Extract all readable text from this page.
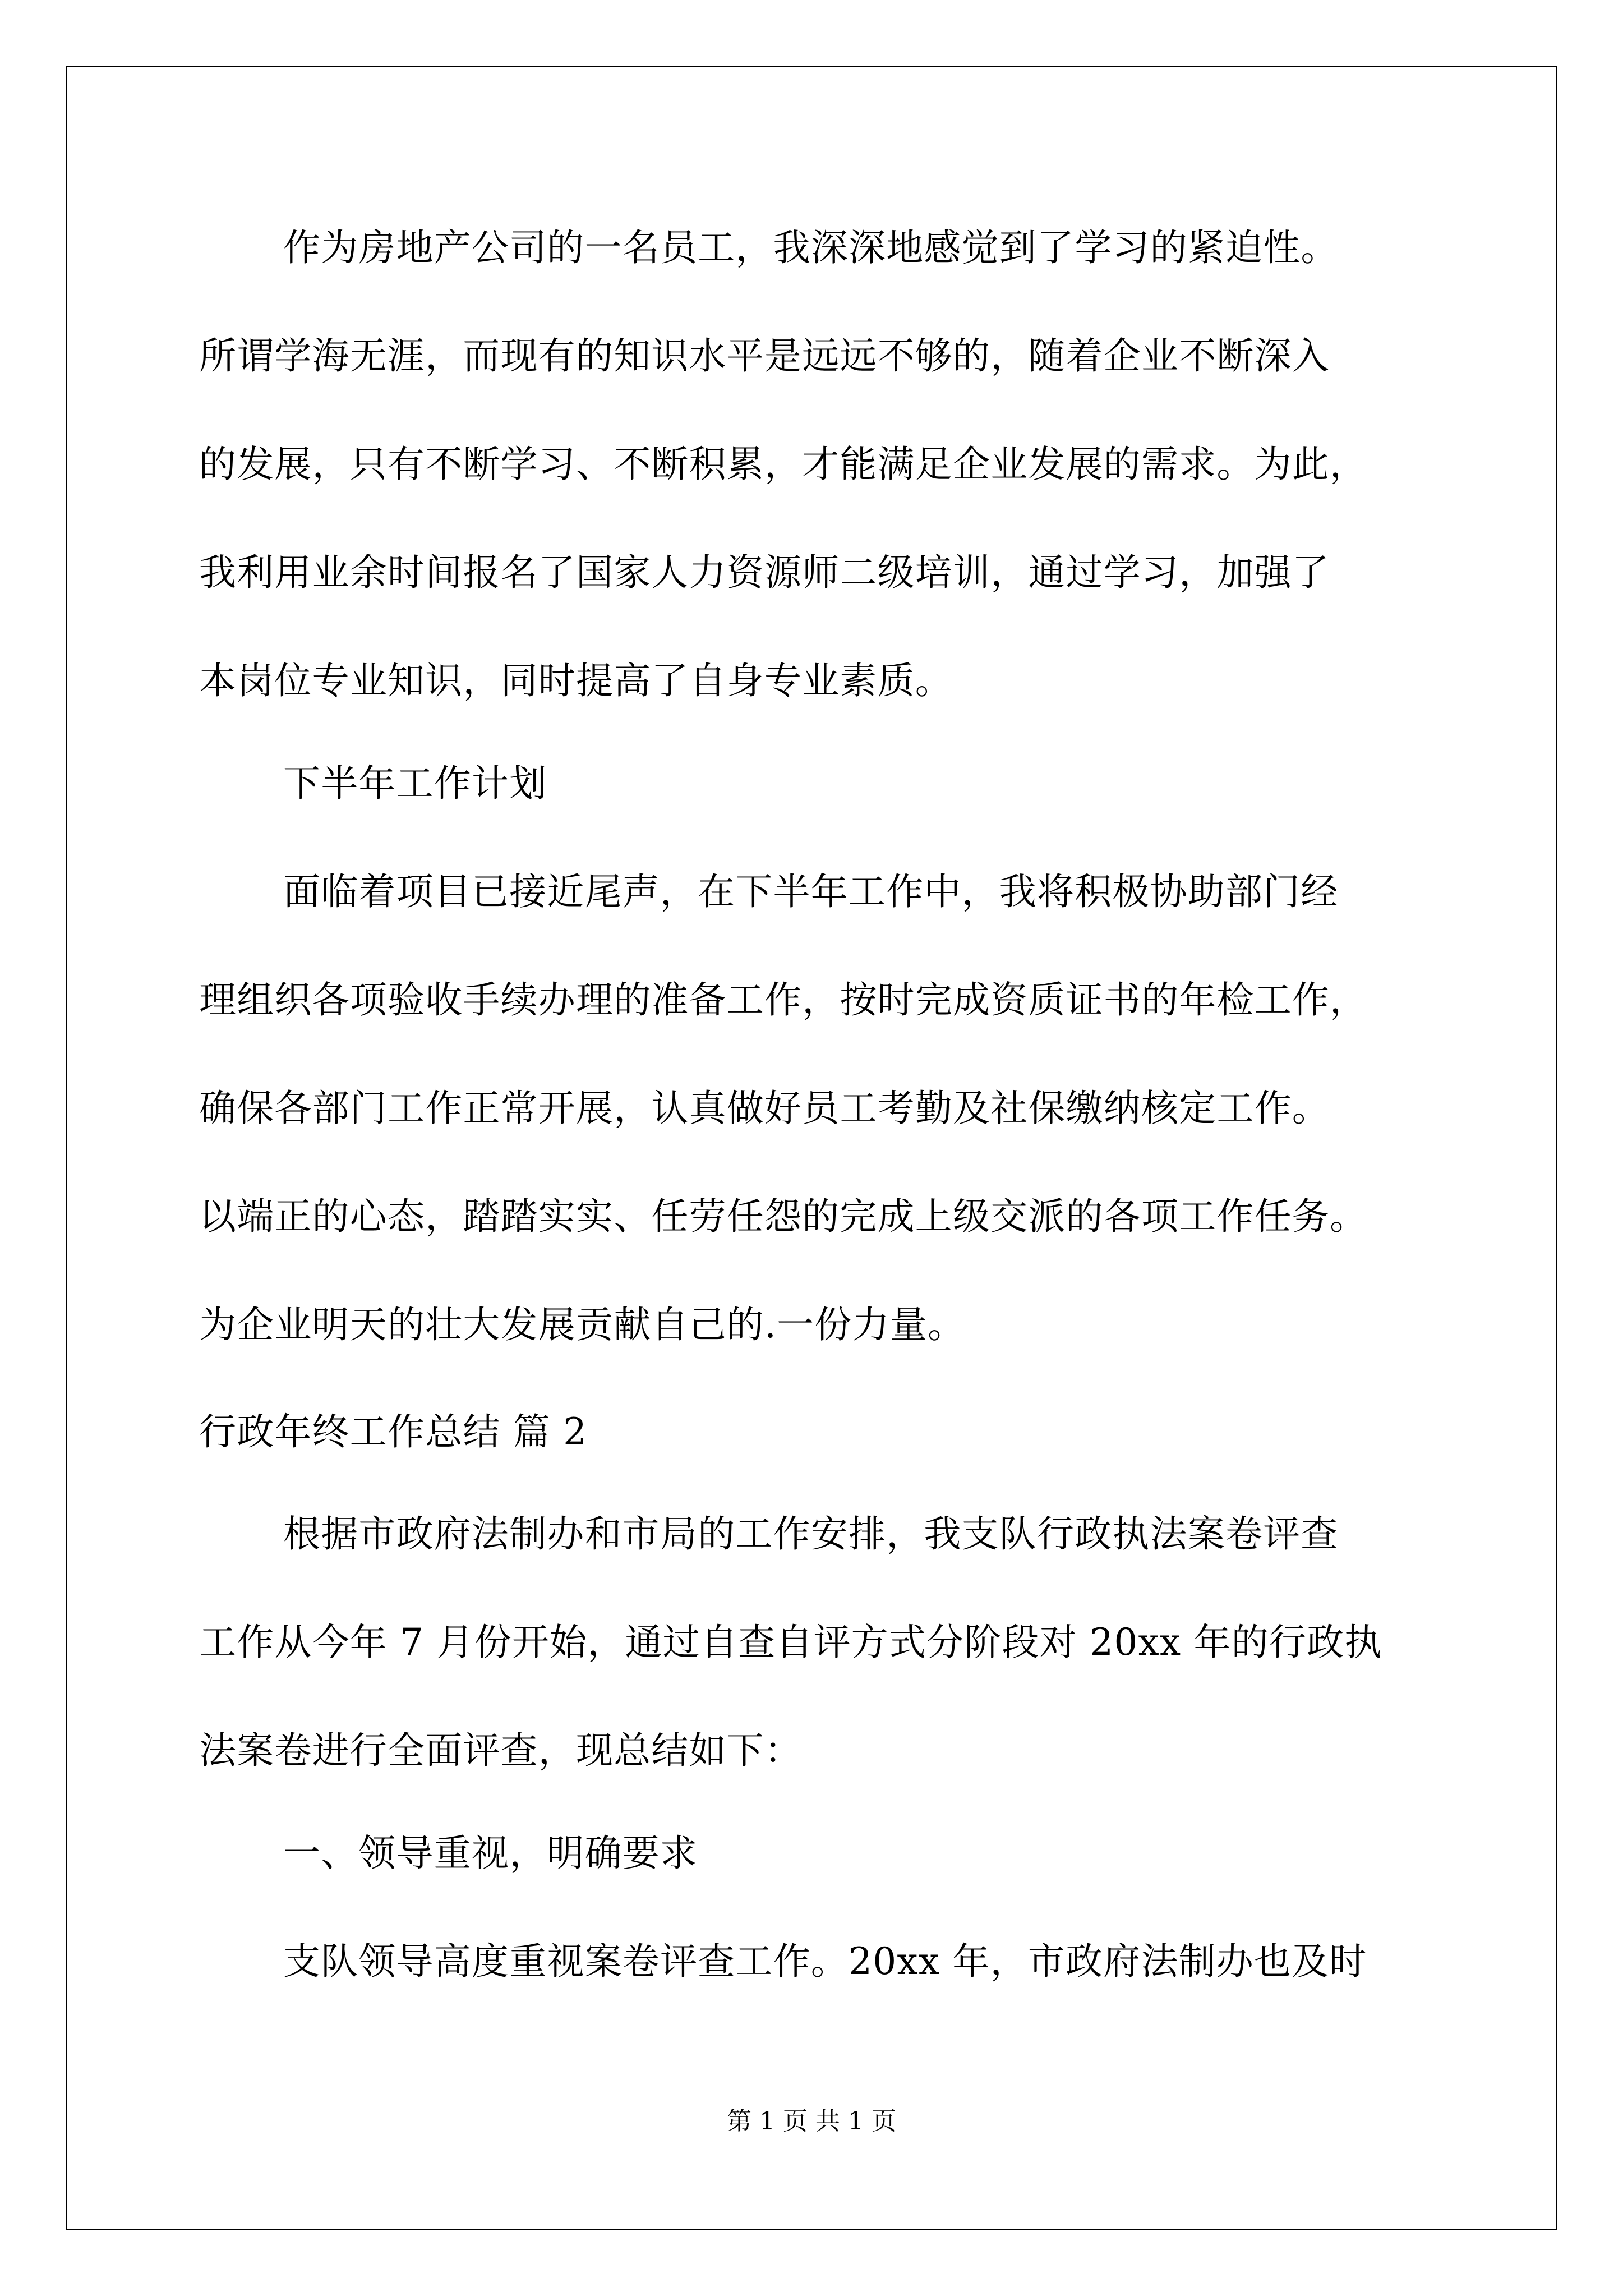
作为房地产公司的一名员工，我深深地感觉到了学习的紧迫性。

所谓学海无涯，而现有的知识水平是远远不够的，随着企业不断深入

的发展，只有不断学习、不断积累，才能满足企业发展的需求。为此，

我利用业余时间报名了国家人力资源师二级培训，通过学习，加强了

本岗位专业知识，同时提高了自身专业素质。

下半年工作计划

面临着项目已接近尾声，在下半年工作中，我将积极协助部门经

理组织各项验收手续办理的准备工作，按时完成资质证书的年检工作，

确保各部门工作正常开展，认真做好员工考勤及社保缴纳核定工作。

以端正的心态，踏踏实实、任劳任怨的完成上级交派的各项工作任务。

为企业明天的壮大发展贡献自己的.一份力量。

行政年终工作总结 篇 2

根据市政府法制办和市局的工作安排，我支队行政执法案卷评查

工作从今年 7 月份开始，通过自查自评方式分阶段对 20xx 年的行政执

法案卷进行全面评查，现总结如下：

一、领导重视，明确要求

支队领导高度重视案卷评查工作。20xx 年，市政府法制办也及时

第 1 页 共 1 页
